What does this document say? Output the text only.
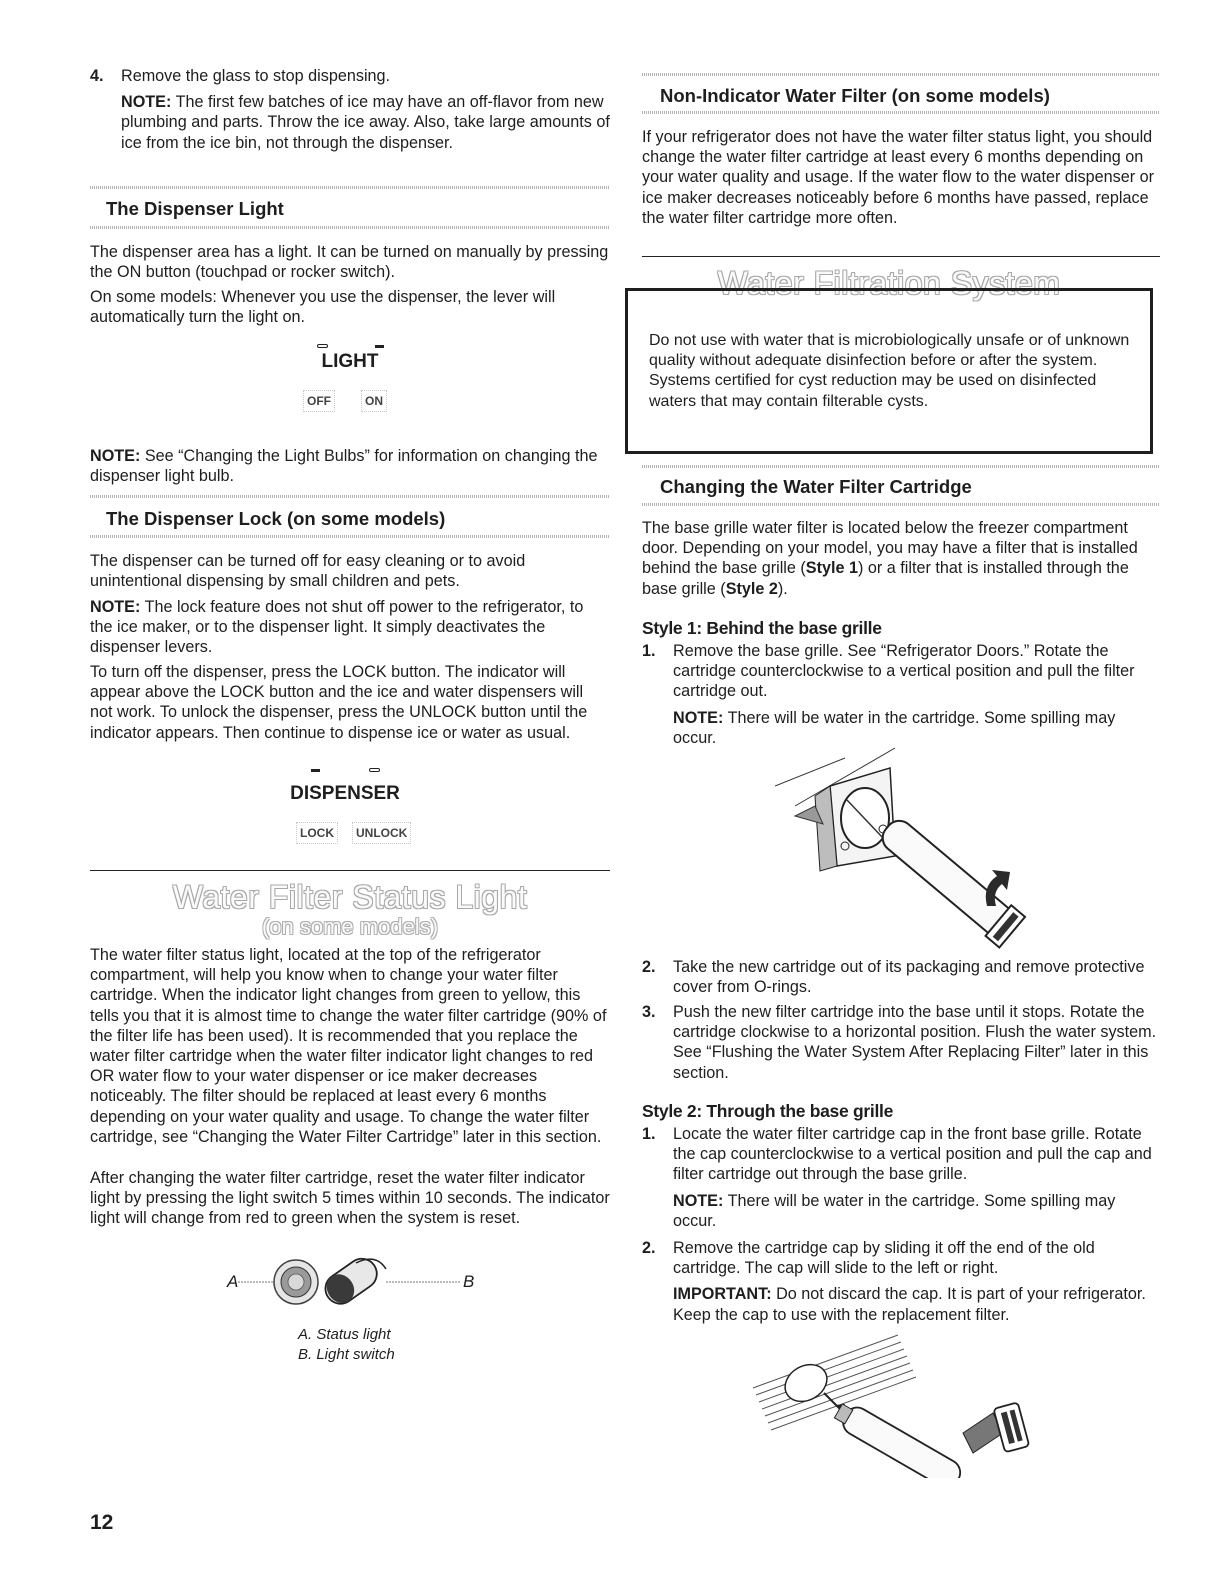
4. Remove the glass to stop dispensing.

NOTE: The first few batches of ice may have an off-flavor from new plumbing and parts. Throw the ice away. Also, take large amounts of ice from the ice bin, not through the dispenser.

The Dispenser Light

The dispenser area has a light. It can be turned on manually by pressing the ON button (touchpad or rocker switch).

On some models: Whenever you use the dispenser, the lever will automatically turn the light on.

LIGHT
OFF	ON

NOTE: See “Changing the Light Bulbs” for information on changing the dispenser light bulb.

The Dispenser Lock (on some models)

The dispenser can be turned off for easy cleaning or to avoid unintentional dispensing by small children and pets.

NOTE: The lock feature does not shut off power to the refrigerator, to the ice maker, or to the dispenser light. It simply deactivates the dispenser levers.

To turn off the dispenser, press the LOCK button. The indicator will appear above the LOCK button and the ice and water dispensers will not work. To unlock the dispenser, press the UNLOCK button until the indicator appears. Then continue to dispense ice or water as usual.

DISPENSER
LOCK	UNLOCK
Water Filter Status Light
(on some models)

The water filter status light, located at the top of the refrigerator compartment, will help you know when to change your water filter cartridge. When the indicator light changes from green to yellow, this tells you that it is almost time to change the water filter cartridge (90% of the filter life has been used). It is recommended that you replace the water filter cartridge when the water filter indicator light changes to red OR water flow to your water dispenser or ice maker decreases noticeably. The filter should be replaced at least every 6 months depending on your water quality and usage. To change the water filter cartridge, see “Changing the Water Filter Cartridge” later in this section.

After changing the water filter cartridge, reset the water filter indicator light by pressing the light switch 5 times within 10 seconds. The indicator light will change from red to green when the system is reset.

A	B
A. Status light
B. Light switch
Non-Indicator Water Filter (on some models)

If your refrigerator does not have the water filter status light, you should change the water filter cartridge at least every 6 months depending on your water quality and usage. If the water flow to the water dispenser or ice maker decreases noticeably before 6 months have passed, replace the water filter cartridge more often.

Water Filtration System

Do not use with water that is microbiologically unsafe or of unknown quality without adequate disinfection before or after the system. Systems certified for cyst reduction may be used on disinfected waters that may contain filterable cysts.

Changing the Water Filter Cartridge

The base grille water filter is located below the freezer compartment door. Depending on your model, you may have a filter that is installed behind the base grille (Style 1) or a filter that is installed through the base grille (Style 2).

Style 1: Behind the base grille
1. Remove the base grille. See “Refrigerator Doors.” Rotate the cartridge counterclockwise to a vertical position and pull the filter cartridge out.

NOTE: There will be water in the cartridge. Some spilling may occur.

2. Take the new cartridge out of its packaging and remove protective cover from O-rings.

3. Push the new filter cartridge into the base until it stops. Rotate the cartridge clockwise to a horizontal position. Flush the water system. See “Flushing the Water System After Replacing Filter” later in this section.

Style 2: Through the base grille
1. Locate the water filter cartridge cap in the front base grille. Rotate the cap counterclockwise to a vertical position and pull the cap and filter cartridge out through the base grille.

NOTE: There will be water in the cartridge. Some spilling may occur.

2. Remove the cartridge cap by sliding it off the end of the old cartridge. The cap will slide to the left or right.

IMPORTANT: Do not discard the cap. It is part of your refrigerator. Keep the cap to use with the replacement filter.

12
